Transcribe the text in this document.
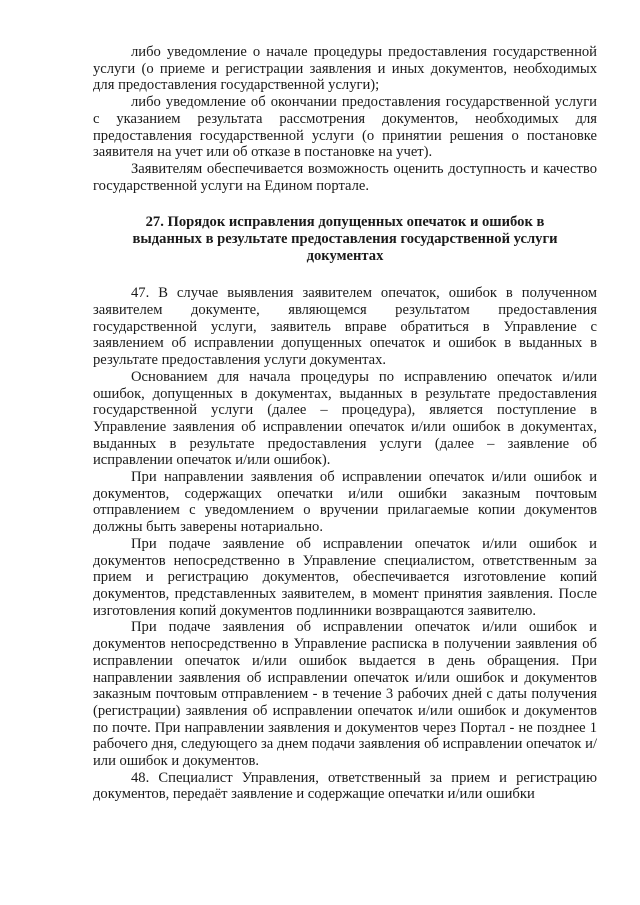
либо уведомление о начале процедуры предоставления государственной услуги (о приеме и регистрации заявления и иных документов, необходимых для предоставления государственной услуги);

либо уведомление об окончании предоставления государственной услуги с указанием результата рассмотрения документов, необходимых для предоставления государственной услуги (о принятии решения о постановке заявителя на учет или об отказе в постановке на учет).

Заявителям обеспечивается возможность оценить доступность и качество государственной услуги на Едином портале.

27. Порядок исправления допущенных опечаток и ошибок в выданных в результате предоставления государственной услуги документах

47. В случае выявления заявителем опечаток, ошибок в полученном заявителем документе, являющемся результатом предоставления государственной услуги, заявитель вправе обратиться в Управление с заявлением об исправлении допущенных опечаток и ошибок в выданных в результате предоставления услуги документах.

Основанием для начала процедуры по исправлению опечаток и/или ошибок, допущенных в документах, выданных в результате предоставления государственной услуги (далее – процедура), является поступление в Управление заявления об исправлении опечаток и/или ошибок в документах, выданных в результате предоставления услуги (далее – заявление об исправлении опечаток и/или ошибок).

При направлении заявления об исправлении опечаток и/или ошибок и документов, содержащих опечатки и/или ошибки заказным почтовым отправлением с уведомлением о вручении прилагаемые копии документов должны быть заверены нотариально.

При подаче заявление об исправлении опечаток и/или ошибок и документов непосредственно в Управление специалистом, ответственным за прием и регистрацию документов, обеспечивается изготовление копий документов, представленных заявителем, в момент принятия заявления. После изготовления копий документов подлинники возвращаются заявителю.

При подаче заявления об исправлении опечаток и/или ошибок и документов непосредственно в Управление расписка в получении заявления об исправлении опечаток и/или ошибок выдается в день обращения. При направлении заявления об исправлении опечаток и/или ошибок и документов заказным почтовым отправлением - в течение 3 рабочих дней с даты получения (регистрации) заявления об исправлении опечаток и/или ошибок и документов по почте. При направлении заявления и документов через Портал - не позднее 1 рабочего дня, следующего за днем подачи заявления об исправлении опечаток и/или ошибок и документов.

48. Специалист Управления, ответственный за прием и регистрацию документов, передаёт заявление и содержащие опечатки и/или ошибки
